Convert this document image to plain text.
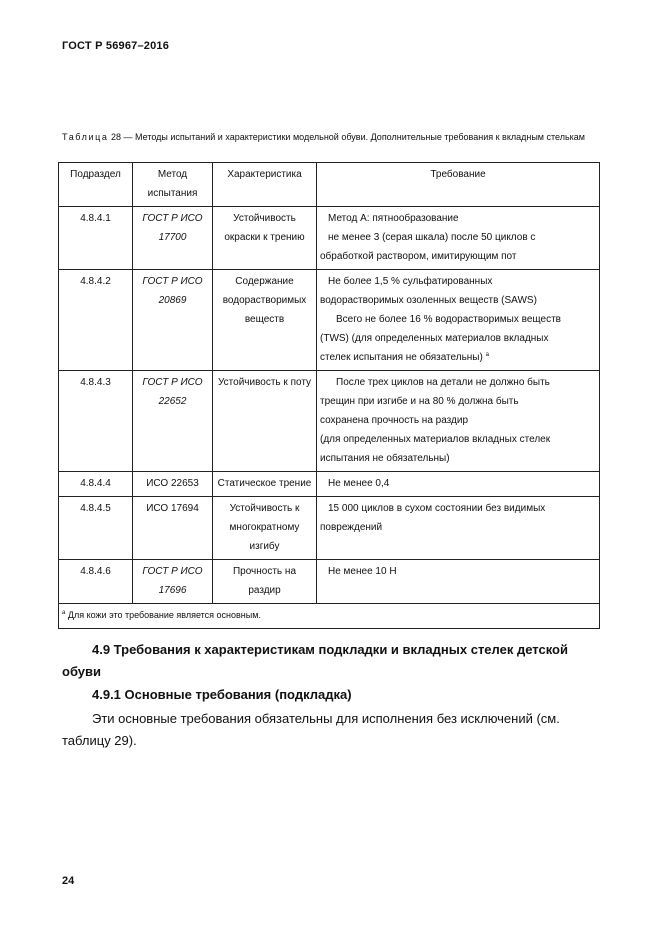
ГОСТ Р 56967–2016
Таблица 28 — Методы испытаний и характеристики модельной обуви. Дополнительные требования к вкладным стелькам
Подраздел	Метод испытания	Характеристика	Требование
4.8.4.1	ГОСТ Р ИСО 17700	Устойчивость окраски к трению	Метод А: пятнообразование
не менее 3 (серая шкала) после 50 циклов с
обработкой раствором, имитирующим пот

4.8.4.2	ГОСТ Р ИСО 20869	Содержание водорастворимых веществ	Не более 1,5 % сульфатированных
водорастворимых озоленных веществ (SAWS)
Всего не более 16 % водорастворимых веществ
(TWS) (для определенных материалов вкладных
стелек испытания не обязательны) $^а$

4.8.4.3	ГОСТ Р ИСО 22652	Устойчивость к поту	После трех циклов на детали не должно быть
трещин при изгибе и на 80 % должна быть
сохранена прочность на раздир
(для определенных материалов вкладных стелек
испытания не обязательны)

4.8.4.4	ИСО 22653	Статическое трение	Не менее 0,4

4.8.4.5	ИСО 17694	Устойчивость к многократному изгибу	15 000 циклов в сухом состоянии без видимых
повреждений

4.8.4.6	ГОСТ Р ИСО 17696	Прочность на раздир	Не менее 10 Н

$^а$ Для кожи это требование является основным.			
4.9 Требования к характеристикам подкладки и вкладных стелек детской обуви
4.9.1 Основные требования (подкладка)
Эти основные требования обязательны для исполнения без исключений (см. таблицу 29).
24
